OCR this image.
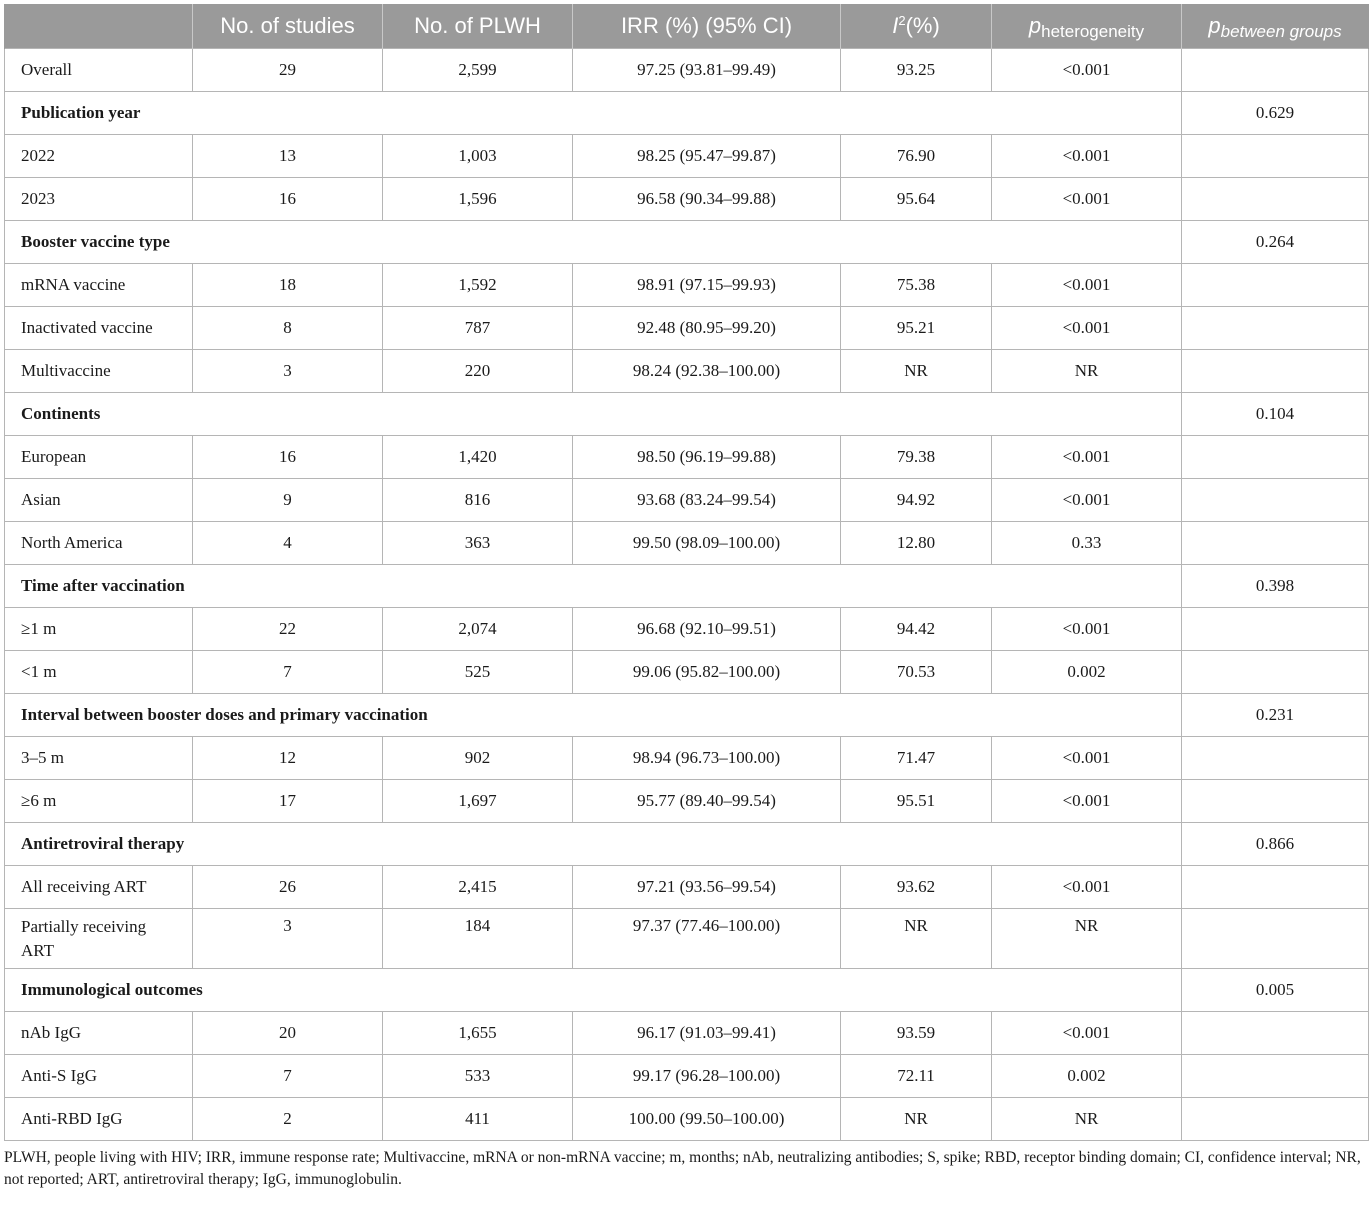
	No. of studies	No. of PLWH	IRR (%) (95% CI)	$I^2(\%)$	pheterogeneity	pbetween groups
Overall	29	2,599	97.25 (93.81–99.49)	93.25	<0.001	
Publication year						0.629
2022	13	1,003	98.25 (95.47–99.87)	76.90	<0.001	
2023	16	1,596	96.58 (90.34–99.88)	95.64	<0.001	
Booster vaccine type						0.264
mRNA vaccine	18	1,592	98.91 (97.15–99.93)	75.38	<0.001	
Inactivated vaccine	8	787	92.48 (80.95–99.20)	95.21	<0.001	
Multivaccine	3	220	98.24 (92.38–100.00)	NR	NR	
Continents						0.104
European	16	1,420	98.50 (96.19–99.88)	79.38	<0.001	
Asian	9	816	93.68 (83.24–99.54)	94.92	<0.001	
North America	4	363	99.50 (98.09–100.00)	12.80	0.33	
Time after vaccination						0.398
≥1 m	22	2,074	96.68 (92.10–99.51)	94.42	<0.001	
<1 m	7	525	99.06 (95.82–100.00)	70.53	0.002	
Interval between booster doses and primary vaccination						0.231
3–5 m	12	902	98.94 (96.73–100.00)	71.47	<0.001	
≥6 m	17	1,697	95.77 (89.40–99.54)	95.51	<0.001	
Antiretroviral therapy						0.866
All receiving ART	26	2,415	97.21 (93.56–99.54)	93.62	<0.001	
Partially receiving ART	3	184	97.37 (77.46–100.00)	NR	NR	
Immunological outcomes						0.005
nAb IgG	20	1,655	96.17 (91.03–99.41)	93.59	<0.001	
Anti-S IgG	7	533	99.17 (96.28–100.00)	72.11	0.002	
Anti-RBD IgG	2	411	100.00 (99.50–100.00)	NR	NR	
PLWH, people living with HIV; IRR, immune response rate; Multivaccine, mRNA or non-mRNA vaccine; m, months; nAb, neutralizing antibodies; S, spike; RBD, receptor binding domain; CI, confidence interval; NR, not reported; ART, antiretroviral therapy; IgG, immunoglobulin.
